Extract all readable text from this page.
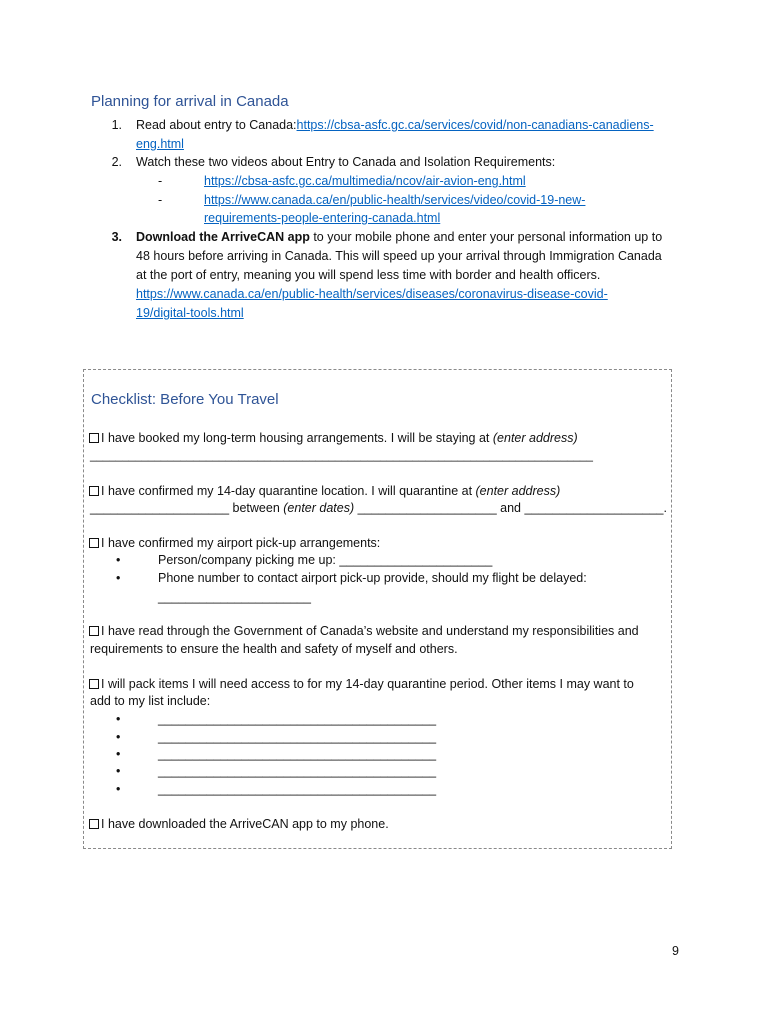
Planning for arrival in Canada
1. Read about entry to Canada:https://cbsa-asfc.gc.ca/services/covid/non-canadians-canadiens-
eng.html
2. Watch these two videos about Entry to Canada and Isolation Requirements:
-	https://cbsa-asfc.gc.ca/multimedia/ncov/air-avion-eng.html
-	https://www.canada.ca/en/public-health/services/video/covid-19-new-
requirements-people-entering-canada.html
3. Download the ArriveCAN app to your mobile phone and enter your personal information up to
48 hours before arriving in Canada. This will speed up your arrival through Immigration Canada
at the port of entry, meaning you will spend less time with border and health officers.
https://www.canada.ca/en/public-health/services/diseases/coronavirus-disease-covid-
19/digital-tools.html
Checklist: Before You Travel
I have booked my long-term housing arrangements. I will be staying at (enter address)
______________________________________________________________________________
I have confirmed my 14-day quarantine location. I will quarantine at (enter address)
____________________ between (enter dates) ____________________ and ____________________.
I have confirmed my airport pick-up arrangements:
•	Person/company picking me up: ______________________
•	Phone number to contact airport pick-up provide, should my flight be delayed:
______________________
I have read through the Government of Canada’s website and understand my responsibilities and
requirements to ensure the health and safety of myself and others.
I will pack items I will need access to for my 14-day quarantine period. Other items I may want to
add to my list include:
•	________________________________________
•	________________________________________
•	________________________________________
•	________________________________________
•	________________________________________
I have downloaded the ArriveCAN app to my phone.
9
